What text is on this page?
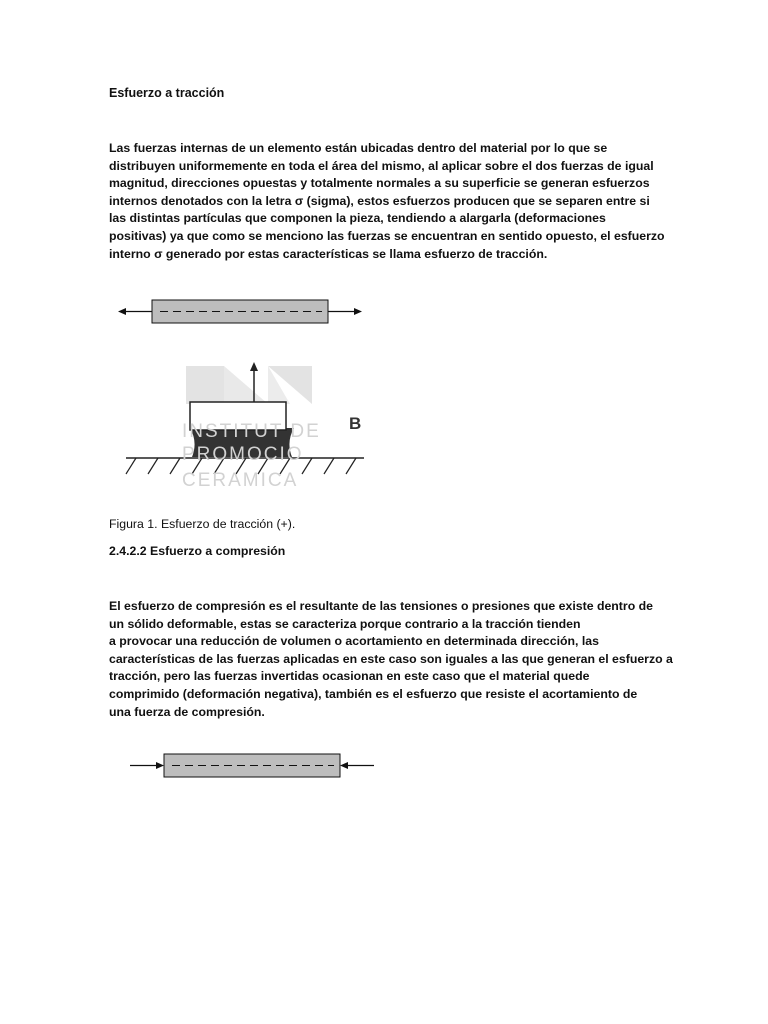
Esfuerzo a tracción

Las fuerzas internas de un elemento están ubicadas dentro del material por lo que se
distribuyen uniformemente en toda el área del mismo, al aplicar sobre el dos fuerzas de igual
magnitud, direcciones opuestas y totalmente normales a su superficie se generan esfuerzos
internos denotados con la letra σ (sigma), estos esfuerzos producen que se separen entre si
las distintas partículas que componen la pieza, tendiendo a alargarla (deformaciones
positivas) ya que como se menciono las fuerzas se encuentran en sentido opuesto, el esfuerzo
interno σ generado por estas características se llama esfuerzo de tracción.

B
INSTITUT DE
PROMOCIO
CERAMICA

Figura 1. Esfuerzo de tracción (+).

2.4.2.2 Esfuerzo a compresión

El esfuerzo de compresión es el resultante de las tensiones o presiones que existe dentro de
un sólido deformable, estas se caracteriza porque contrario a la tracción tienden
a provocar una reducción de volumen o acortamiento en determinada dirección, las
características de las fuerzas aplicadas en este caso son iguales a las que generan el esfuerzo a
tracción, pero las fuerzas invertidas ocasionan en este caso que el material quede
comprimido (deformación negativa), también es el esfuerzo que resiste el acortamiento de
una fuerza de compresión.
